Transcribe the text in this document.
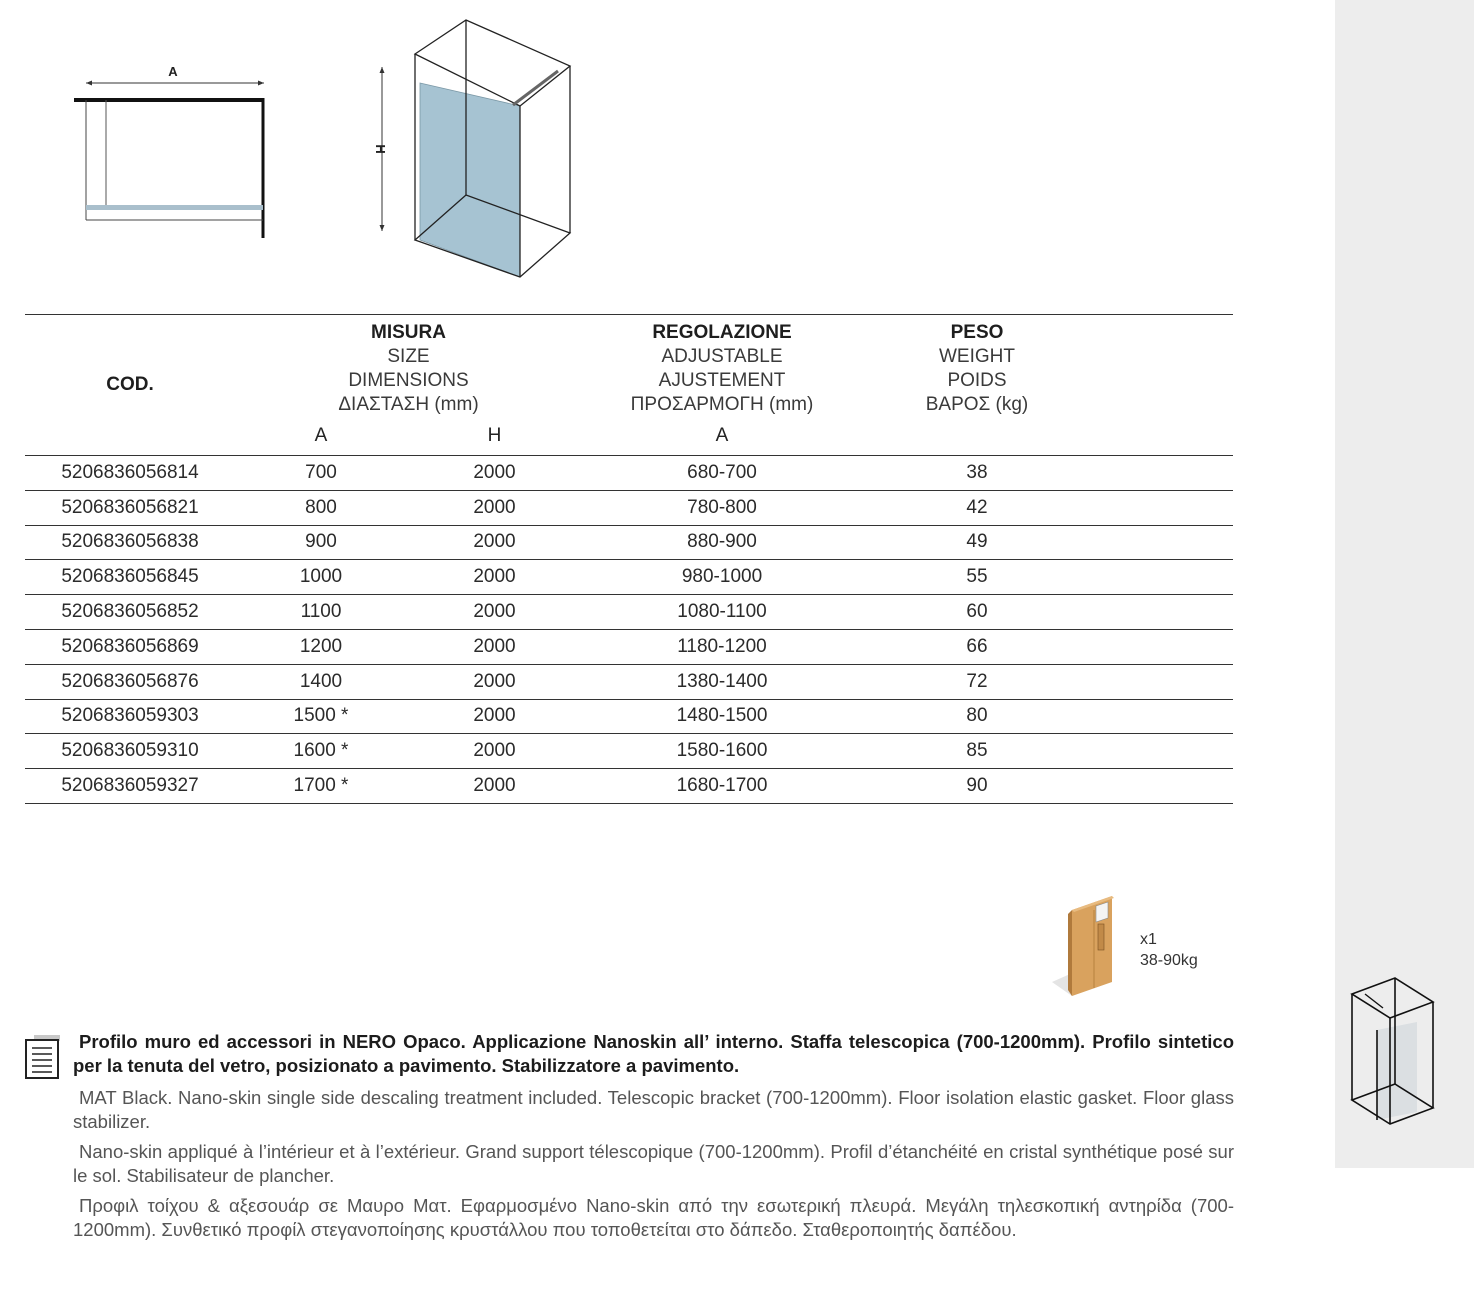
A
H
COD.	MISURA
SIZE
DIMENSIONS
ΔΙΑΣΤΑΣΗ (mm)		REGOLAZIONE
ADJUSTABLE
AJUSTEMENT
ΠΡΟΣΑΡΜΟΓΗ (mm)	PESO
WEIGHT
POIDS
ΒΑΡΟΣ (kg)	

	A	H	A		
5206836056814	700	2000	680-700	38	
5206836056821	800	2000	780-800	42	
5206836056838	900	2000	880-900	49	
5206836056845	1000	2000	980-1000	55	
5206836056852	1100	2000	1080-1100	60	
5206836056869	1200	2000	1180-1200	66	
5206836056876	1400	2000	1380-1400	72	
5206836059303	1500 *	2000	1480-1500	80	
5206836059310	1600 *	2000	1580-1600	85	
5206836059327	1700 *	2000	1680-1700	90	
x1
38-90kg

Profilo muro ed accessori in NERO Opaco. Applicazione Nanoskin all’ interno. Staffa telescopica (700-1200mm). Profilo sintetico per la tenuta del vetro, posizionato a pavimento. Stabilizzatore a pavimento.

MAT Black. Nano-skin single side descaling treatment included. Telescopic bracket (700-1200mm). Floor isolation elastic gasket. Floor glass stabilizer.

Nano-skin appliqué à l’intérieur et à l’extérieur. Grand support télescopique (700-1200mm). Profil d’étanchéité en cristal synthétique posé sur le sol. Stabilisateur de plancher.

Προφιλ τοίχου & αξεσουάρ σε Μαυρο Ματ. Εφαρμοσμένο Nano-skin από την εσωτερική πλευρά. Μεγάλη τηλεσκοπική αντηρίδα (700-1200mm). Συνθετικό προφίλ στεγανοποίησης κρυστάλλου που τοποθετείται στο δάπεδο. Σταθεροποιητής δαπέδου.
